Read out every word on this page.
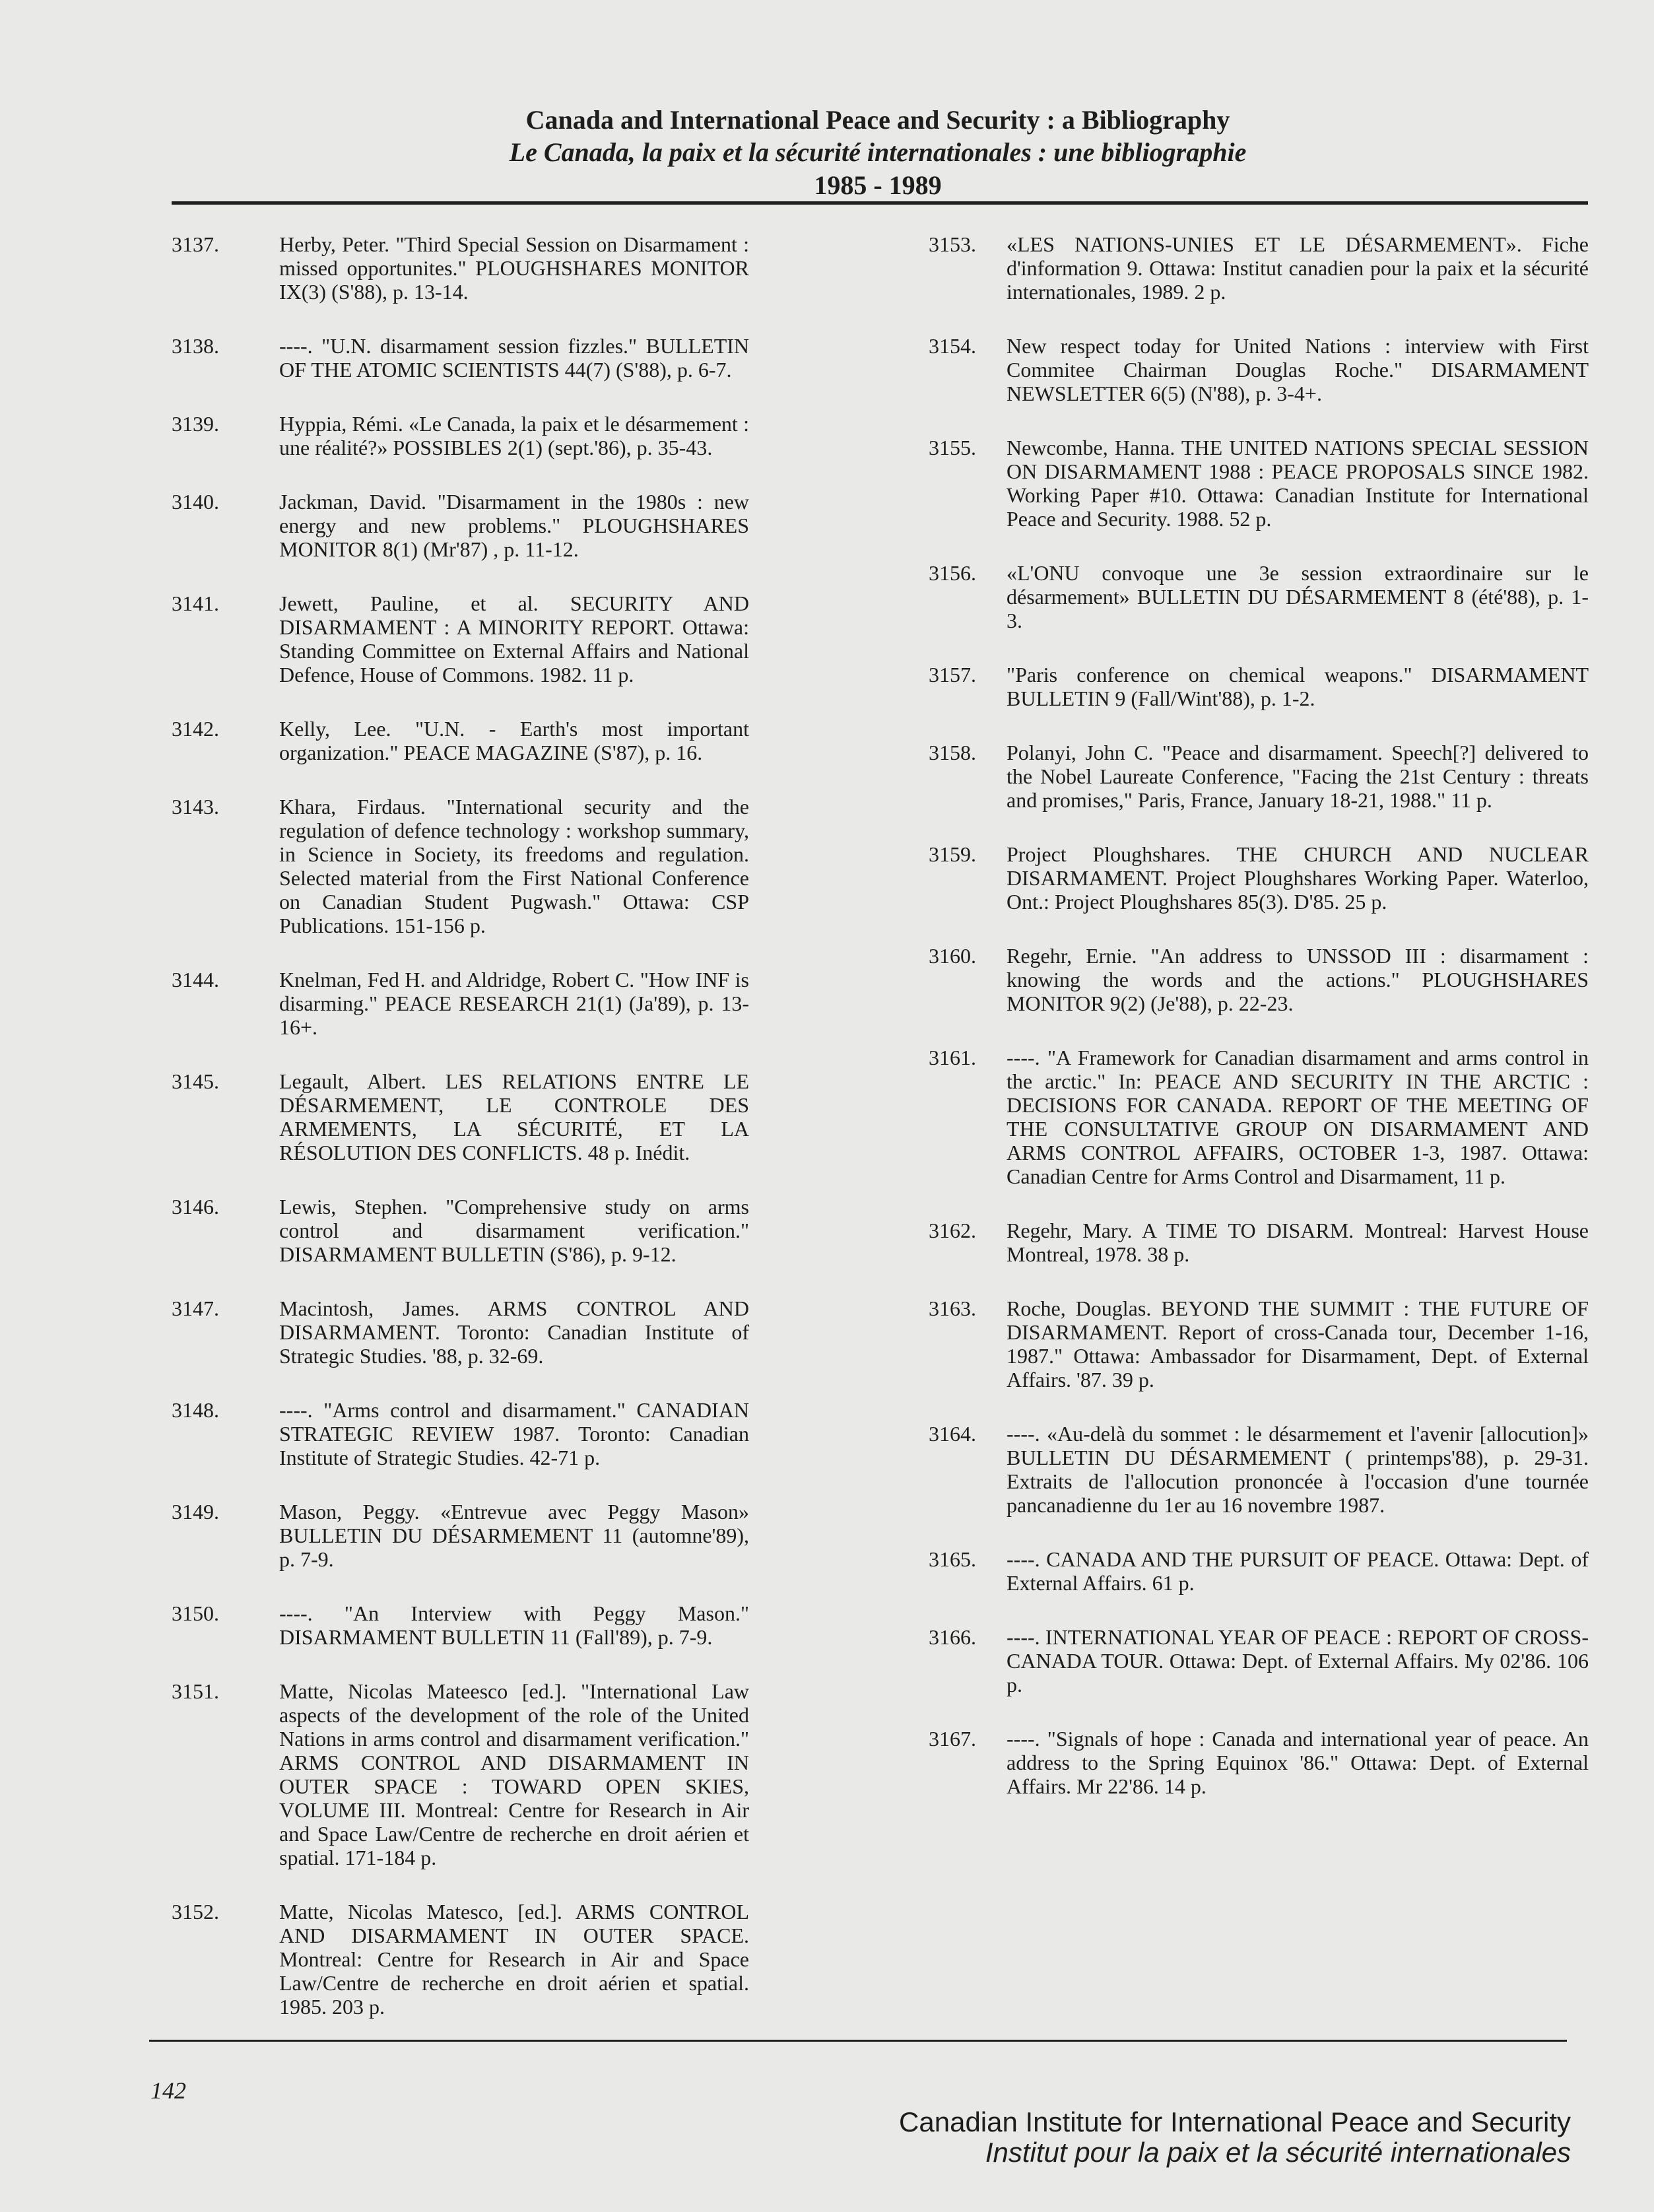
Canada and International Peace and Security : a Bibliography
Le Canada, la paix et la sécurité internationales : une bibliographie
1985 - 1989
3137.	Herby, Peter. "Third Special Session on Disarmament : missed opportunites." PLOUGHSHARES MONITOR IX(3) (S'88), p. 13-14.
3138.	----. "U.N. disarmament session fizzles." BULLETIN OF THE ATOMIC SCIENTISTS 44(7) (S'88), p. 6-7.
3139.	Hyppia, Rémi. «Le Canada, la paix et le désarmement : une réalité?» POSSIBLES 2(1) (sept.'86), p. 35-43.
3140.	Jackman, David. "Disarmament in the 1980s : new energy and new problems." PLOUGHSHARES MONITOR 8(1) (Mr'87) , p. 11-12.
3141.	Jewett, Pauline, et al. SECURITY AND DISARMAMENT : A MINORITY REPORT. Ottawa: Standing Committee on External Affairs and National Defence, House of Commons. 1982. 11 p.
3142.	Kelly, Lee. "U.N. - Earth's most important organization." PEACE MAGAZINE (S'87), p. 16.
3143.	Khara, Firdaus. "International security and the regulation of defence technology : workshop summary, in Science in Society, its freedoms and regulation. Selected material from the First National Conference on Canadian Student Pugwash." Ottawa: CSP Publications. 151-156 p.
3144.	Knelman, Fed H. and Aldridge, Robert C. "How INF is disarming." PEACE RESEARCH 21(1) (Ja'89), p. 13-16+.
3145.	Legault, Albert. LES RELATIONS ENTRE LE DÉSARMEMENT, LE CONTROLE DES ARMEMENTS, LA SÉCURITÉ, ET LA RÉSOLUTION DES CONFLICTS. 48 p. Inédit.
3146.	Lewis, Stephen. "Comprehensive study on arms control and disarmament verification." DISARMAMENT BULLETIN (S'86), p. 9-12.
3147.	Macintosh, James. ARMS CONTROL AND DISARMAMENT. Toronto: Canadian Institute of Strategic Studies. '88, p. 32-69.
3148.	----. "Arms control and disarmament." CANADIAN STRATEGIC REVIEW 1987. Toronto: Canadian Institute of Strategic Studies. 42-71 p.
3149.	Mason, Peggy. «Entrevue avec Peggy Mason» BULLETIN DU DÉSARMEMENT 11 (automne'89), p. 7-9.
3150.	----. "An Interview with Peggy Mason." DISARMAMENT BULLETIN 11 (Fall'89), p. 7-9.
3151.	Matte, Nicolas Mateesco [ed.]. "International Law aspects of the development of the role of the United Nations in arms control and disarmament verification." ARMS CONTROL AND DISARMAMENT IN OUTER SPACE : TOWARD OPEN SKIES, VOLUME III. Montreal: Centre for Research in Air and Space Law/Centre de recherche en droit aérien et spatial. 171-184 p.
3152.	Matte, Nicolas Matesco, [ed.]. ARMS CONTROL AND DISARMAMENT IN OUTER SPACE. Montreal: Centre for Research in Air and Space Law/Centre de recherche en droit aérien et spatial. 1985. 203 p.
3153. «LES NATIONS-UNIES ET LE DÉSARMEMENT». Fiche d'information 9. Ottawa: Institut canadien pour la paix et la sécurité internationales, 1989. 2 p.
3154. New respect today for United Nations : interview with First Commitee Chairman Douglas Roche." DISARMAMENT NEWSLETTER 6(5) (N'88), p. 3-4+.
3155. Newcombe, Hanna. THE UNITED NATIONS SPECIAL SESSION ON DISARMAMENT 1988 : PEACE PROPOSALS SINCE 1982. Working Paper #10. Ottawa: Canadian Institute for International Peace and Security. 1988. 52 p.
3156. «L'ONU convoque une 3e session extraordinaire sur le désarmement» BULLETIN DU DÉSARMEMENT 8 (été'88), p. 1-3.
3157. "Paris conference on chemical weapons." DISARMAMENT BULLETIN 9 (Fall/Wint'88), p. 1-2.
3158. Polanyi, John C. "Peace and disarmament. Speech[?] delivered to the Nobel Laureate Conference, "Facing the 21st Century : threats and promises," Paris, France, January 18-21, 1988." 11 p.
3159. Project Ploughshares. THE CHURCH AND NUCLEAR DISARMAMENT. Project Ploughshares Working Paper. Waterloo, Ont.: Project Ploughshares 85(3). D'85. 25 p.
3160. Regehr, Ernie. "An address to UNSSOD III : disarmament : knowing the words and the actions." PLOUGHSHARES MONITOR 9(2) (Je'88), p. 22-23.
3161. ----. "A Framework for Canadian disarmament and arms control in the arctic." In: PEACE AND SECURITY IN THE ARCTIC : DECISIONS FOR CANADA. REPORT OF THE MEETING OF THE CONSULTATIVE GROUP ON DISARMAMENT AND ARMS CONTROL AFFAIRS, OCTOBER 1-3, 1987. Ottawa: Canadian Centre for Arms Control and Disarmament, 11 p.
3162. Regehr, Mary. A TIME TO DISARM. Montreal: Harvest House Montreal, 1978. 38 p.
3163. Roche, Douglas. BEYOND THE SUMMIT : THE FUTURE OF DISARMAMENT. Report of cross-Canada tour, December 1-16, 1987." Ottawa: Ambassador for Disarmament, Dept. of External Affairs. '87. 39 p.
3164. ----. «Au-delà du sommet : le désarmement et l'avenir [allocution]» BULLETIN DU DÉSARMEMENT ( printemps'88), p. 29-31. Extraits de l'allocution prononcée à l'occasion d'une tournée pancanadienne du 1er au 16 novembre 1987.
3165. ----. CANADA AND THE PURSUIT OF PEACE. Ottawa: Dept. of External Affairs. 61 p.
3166. ----. INTERNATIONAL YEAR OF PEACE : REPORT OF CROSS-CANADA TOUR. Ottawa: Dept. of External Affairs. My 02'86. 106 p.
3167. ----. "Signals of hope : Canada and international year of peace. An address to the Spring Equinox '86." Ottawa: Dept. of External Affairs. Mr 22'86. 14 p.
142
Canadian Institute for International Peace and Security
Institut pour la paix et la sécurité internationales
